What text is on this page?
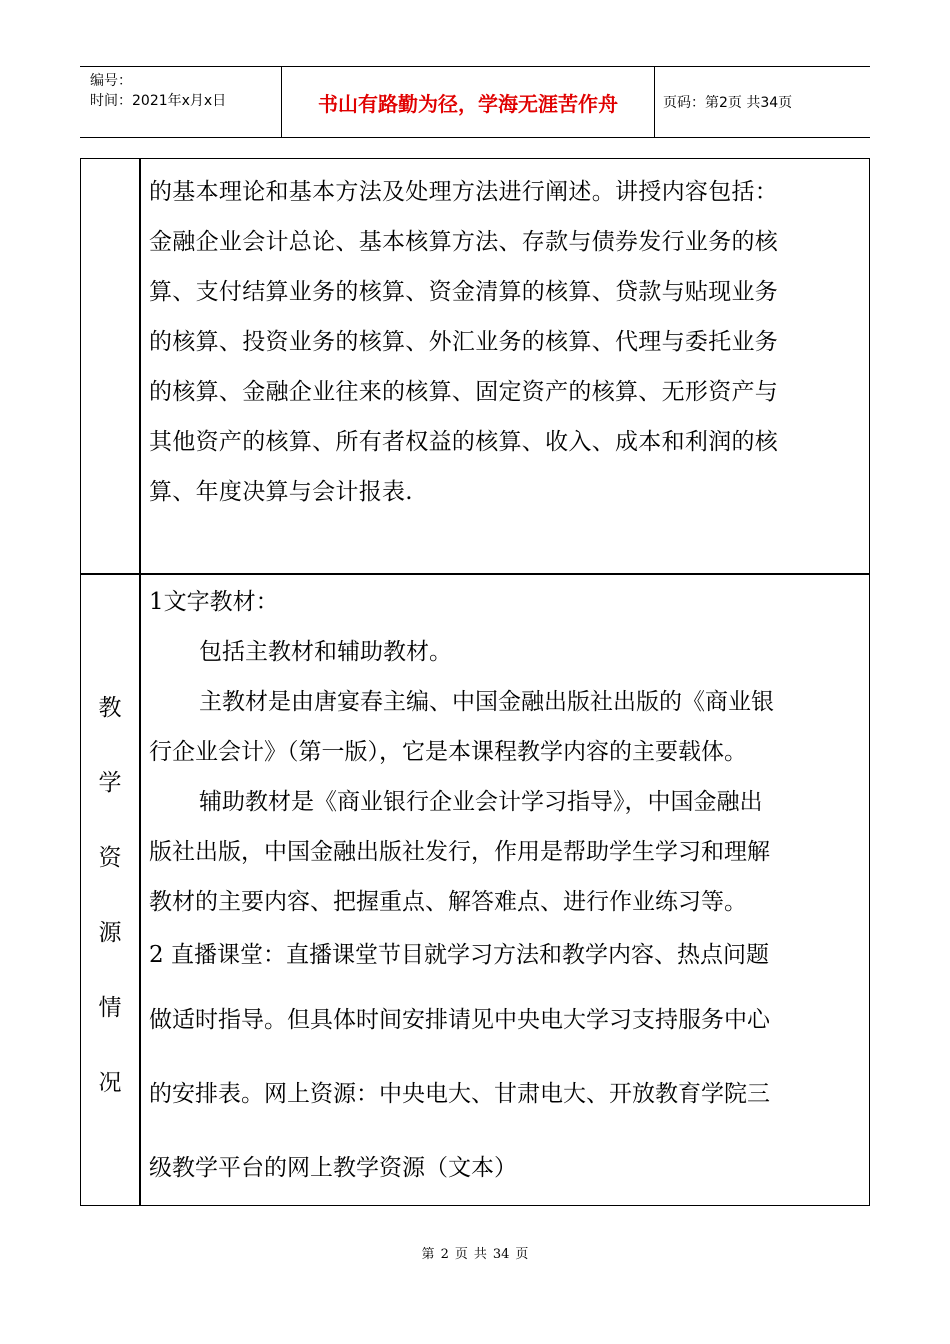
编号：
时间：2021年x月x日	书山有路勤为径，学海无涯苦作舟	页码：第2页 共34页

的基本理论和基本方法及处理方法进行阐述。讲授内容包括：

金融企业会计总论、基本核算方法、存款与债券发行业务的核

算、支付结算业务的核算、资金清算的核算、贷款与贴现业务

的核算、投资业务的核算、外汇业务的核算、代理与委托业务

的核算、金融企业往来的核算、固定资产的核算、无形资产与

其他资产的核算、所有者权益的核算、收入、成本和利润的核

算、年度决算与会计报表.

教
学
资
源
情
况

1文字教材：

包括主教材和辅助教材。

主教材是由唐宴春主编、中国金融出版社出版的《商业银

行企业会计》（第一版），它是本课程教学内容的主要载体。

辅助教材是《商业银行企业会计学习指导》，中国金融出

版社出版，中国金融出版社发行，作用是帮助学生学习和理解

教材的主要内容、把握重点、解答难点、进行作业练习等。

2 直播课堂：直播课堂节目就学习方法和教学内容、热点问题

做适时指导。但具体时间安排请见中央电大学习支持服务中心

的安排表。网上资源：中央电大、甘肃电大、开放教育学院三

级教学平台的网上教学资源（文本）

第 2 页 共 34 页
